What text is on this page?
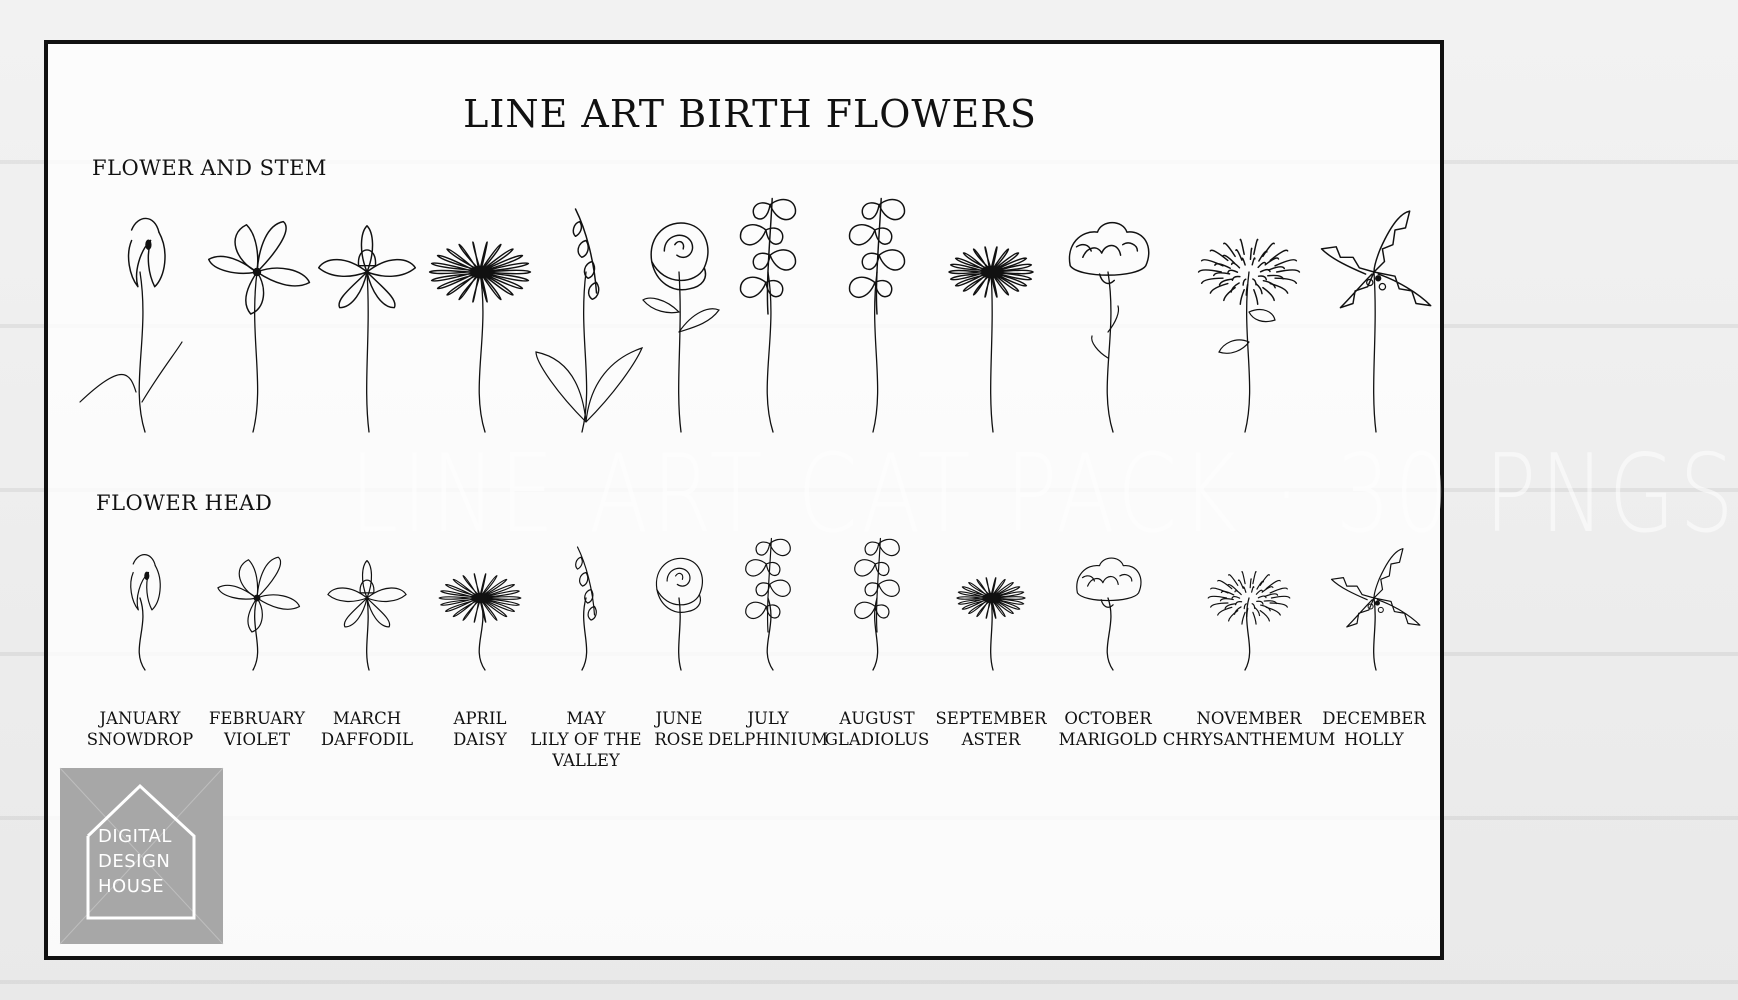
LINE ART BIRTH FLOWERS
FLOWER AND STEM
FLOWER HEAD LINE ART CAT PACK · 30 PNGS
JANUARY
SNOWDROP
FEBRUARY
VIOLET
MARCH
DAFFODIL
APRIL
DAISY
MAY
LILY OF THE
VALLEY
JUNE
ROSE
JULY
DELPHINIUM
AUGUST
GLADIOLUS
SEPTEMBER
ASTER
OCTOBER
MARIGOLD
NOVEMBER
CHRYSANTHEMUM
DECEMBER
HOLLY
DIGITAL
DESIGN
HOUSE
